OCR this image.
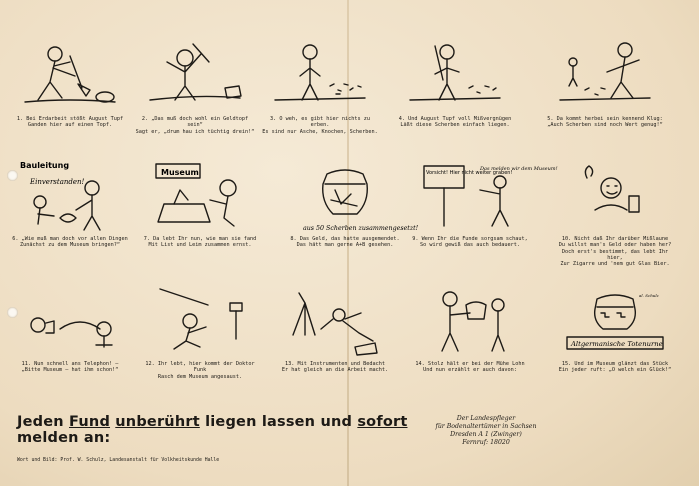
1. Bei Erdarbeit stößt August Tupf
Ganden hier auf einen Topf.
2. „Das muß doch wohl ein Geldtopf sein“
Sagt er, „drum hau ich tüchtig drein!“
3. O weh, es gibt hier nichts zu erben.
Es sind nur Asche, Knochen, Scherben.
4. Und August Tupf voll Mißvergnügen
Läßt diese Scherben einfach liegen.
5. Da kommt herbei sein kennend Klug:
„Auch Scherben sind noch Wert genug!“
Bauleitung
Einverstanden!
6. „Wie muß man doch vor allen Dingen
Zunächst zu dem Museum bringen?“
Museum
7. Da lebt Ihr nun, wie man sie fand
Mit List und Leim zusammen ernst.
aus 50 Scherben zusammengesetzt!
8. Das Geld, das hatte ausgemendet.
Das hätt man gerne A+B gesehen.
Vorsicht! Hier nicht weiter graben!
Das melden wir dem Museum!
9. Wenn Ihr die Funde sorgsam schaut,
So wird gewiß das auch bedauert.
10. Nicht daß Ihr darüber Mißlaune
Du willst man's Geld oder haben her?
Doch erst's bestimmt, das lebt Ihr hier,
Zur Zigarre und 'nem gut Glas Bier.
11. Nun schnell ans Telephon! –
„Bitte Museum – hat ihm schon!“
12. Ihr lebt, hier kommt der Doktor Funk
Rasch dem Museum angesaust.
13. Mit Instrumenten und Bedacht
Er hat gleich an die Arbeit macht.
14. Stolz hält er bei der Mühe Lohn
Und nun erzählt er auch davon:
al. Schulz
Altgermanische Totenurne
15. Und im Museum glänzt das Stück
Ein jeder ruft: „O welch ein Glück!“
Jeden Fund unberührt liegen lassen und sofort melden an:
Der Landespfleger
für Bodenaltertümer in Sachsen
Dresden A 1 (Zwinger)
Fernruf: 18020
Wort und Bild: Prof. W. Schulz, Landesanstalt für Volkheitskunde Halle
